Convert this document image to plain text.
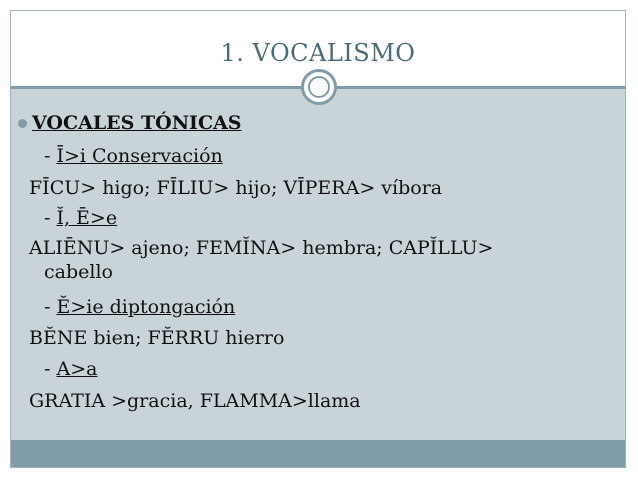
1. VOCALISMO
VOCALES TÓNICAS
- Ī>i Conservación
FĪCU> higo; FĪLIU> hijo; VĪPERA> víbora
- Ĭ, Ē>e
ALIĒNU> ajeno; FEMĬNA> hembra; CAPĬLLU>
cabello
- Ĕ>ie diptongación
BĔNE bien; FĔRRU hierro
- A>a
GRATIA >gracia, FLAMMA>llama
